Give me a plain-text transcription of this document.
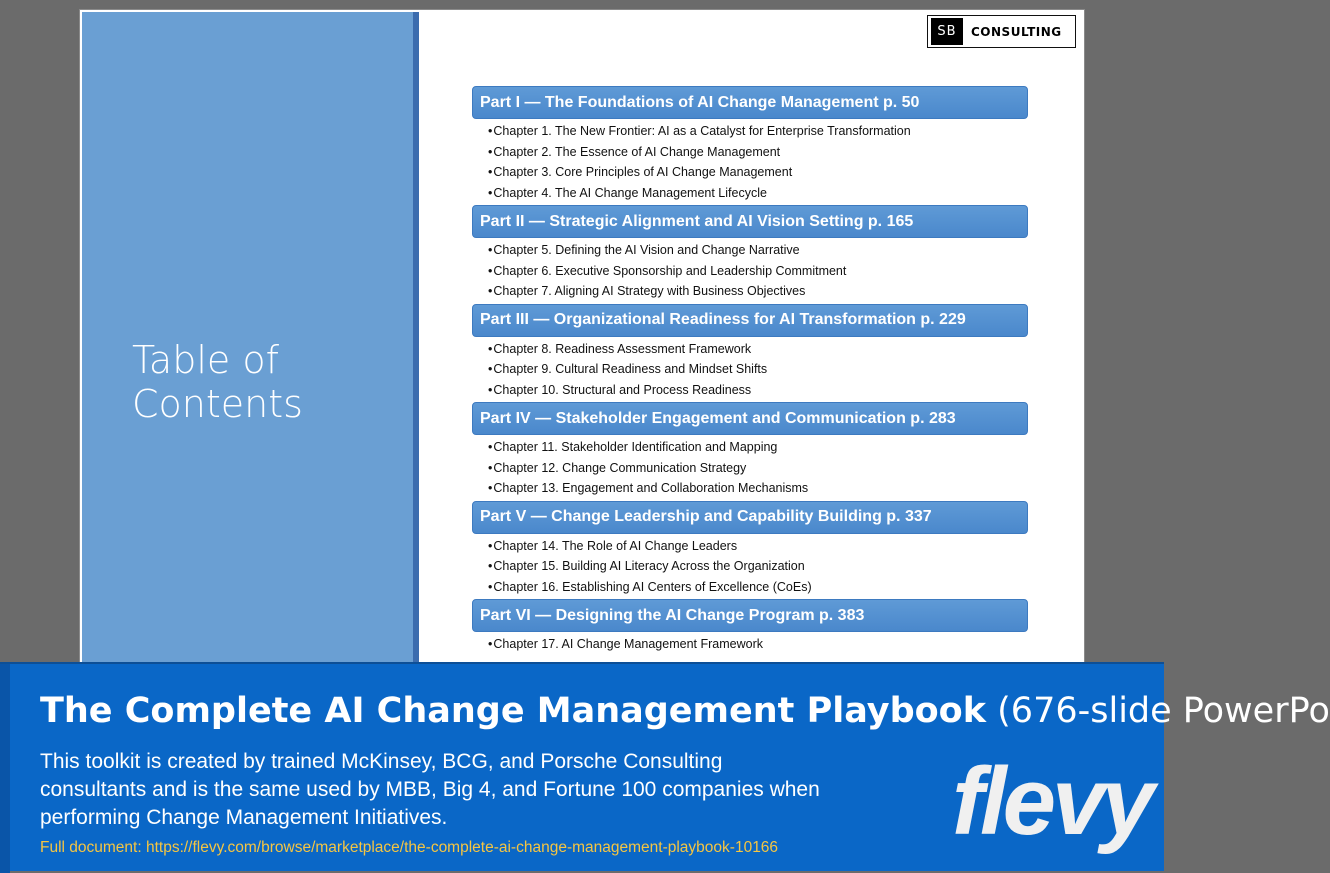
Table of Contents
SB	CONSULTING
Part I — The Foundations of AI Change Management p. 50
• Chapter 1. The New Frontier: AI as a Catalyst for Enterprise Transformation
• Chapter 2. The Essence of AI Change Management
• Chapter 3. Core Principles of AI Change Management
• Chapter 4. The AI Change Management Lifecycle
Part II — Strategic Alignment and AI Vision Setting p. 165
• Chapter 5. Defining the AI Vision and Change Narrative
• Chapter 6. Executive Sponsorship and Leadership Commitment
• Chapter 7. Aligning AI Strategy with Business Objectives
Part III — Organizational Readiness for AI Transformation p. 229
• Chapter 8. Readiness Assessment Framework
• Chapter 9. Cultural Readiness and Mindset Shifts
• Chapter 10. Structural and Process Readiness
Part IV — Stakeholder Engagement and Communication p. 283
• Chapter 11. Stakeholder Identification and Mapping
• Chapter 12. Change Communication Strategy
• Chapter 13. Engagement and Collaboration Mechanisms
Part V — Change Leadership and Capability Building p. 337
• Chapter 14. The Role of AI Change Leaders
• Chapter 15. Building AI Literacy Across the Organization
• Chapter 16. Establishing AI Centers of Excellence (CoEs)
Part VI — Designing the AI Change Program p. 383
• Chapter 17. AI Change Management Framework
The Complete AI Change Management Playbook (676-slide PowerPo
This toolkit is created by trained McKinsey, BCG, and Porsche Consulting consultants and is the same used by MBB, Big 4, and Fortune 100 companies when performing Change Management Initiatives.
Full document: https://flevy.com/browse/marketplace/the-complete-ai-change-management-playbook-10166 flevy
